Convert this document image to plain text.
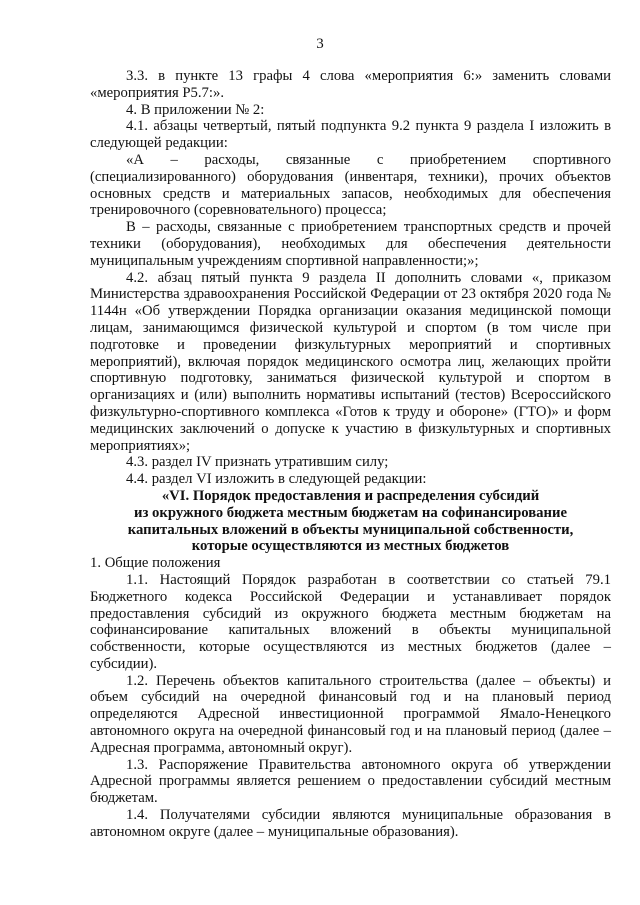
3

3.3. в пункте 13 графы 4 слова «мероприятия 6:» заменить словами «мероприятия Р5.7:».

4. В приложении № 2:

4.1. абзацы четвертый, пятый подпункта 9.2 пункта 9 раздела I изложить в следующей редакции:

«А – расходы, связанные с приобретением спортивного (специализированного) оборудования (инвентаря, техники), прочих объектов основных средств и материальных запасов, необходимых для обеспечения тренировочного (соревновательного) процесса;

В – расходы, связанные с приобретением транспортных средств и прочей техники (оборудования), необходимых для обеспечения деятельности муниципальным учреждениям спортивной направленности;»;

4.2. абзац пятый пункта 9 раздела II дополнить словами «, приказом Министерства здравоохранения Российской Федерации от 23 октября 2020 года № 1144н «Об утверждении Порядка организации оказания медицинской помощи лицам, занимающимся физической культурой и спортом (в том числе при подготовке и проведении физкультурных мероприятий и спортивных мероприятий), включая порядок медицинского осмотра лиц, желающих пройти спортивную подготовку, заниматься физической культурой и спортом в организациях и (или) выполнить нормативы испытаний (тестов) Всероссийского физкультурно-спортивного комплекса «Готов к труду и обороне» (ГТО)» и форм медицинских заключений о допуске к участию в физкультурных и спортивных мероприятиях»;

4.3. раздел IV признать утратившим силу;

4.4. раздел VI изложить в следующей редакции:

«VI. Порядок предоставления и распределения субсидий
из окружного бюджета местным бюджетам на софинансирование
капитальных вложений в объекты муниципальной собственности,
которые осуществляются из местных бюджетов

1. Общие положения

1.1. Настоящий Порядок разработан в соответствии со статьей 79.1 Бюджетного кодекса Российской Федерации и устанавливает порядок предоставления субсидий из окружного бюджета местным бюджетам на софинансирование капитальных вложений в объекты муниципальной собственности, которые осуществляются из местных бюджетов (далее – субсидии).

1.2. Перечень объектов капитального строительства (далее – объекты) и объем субсидий на очередной финансовый год и на плановый период определяются Адресной инвестиционной программой Ямало-Ненецкого автономного округа на очередной финансовый год и на плановый период (далее – Адресная программа, автономный округ).

1.3. Распоряжение Правительства автономного округа об утверждении Адресной программы является решением о предоставлении субсидий местным бюджетам.

1.4. Получателями субсидии являются муниципальные образования в автономном округе (далее – муниципальные образования).
